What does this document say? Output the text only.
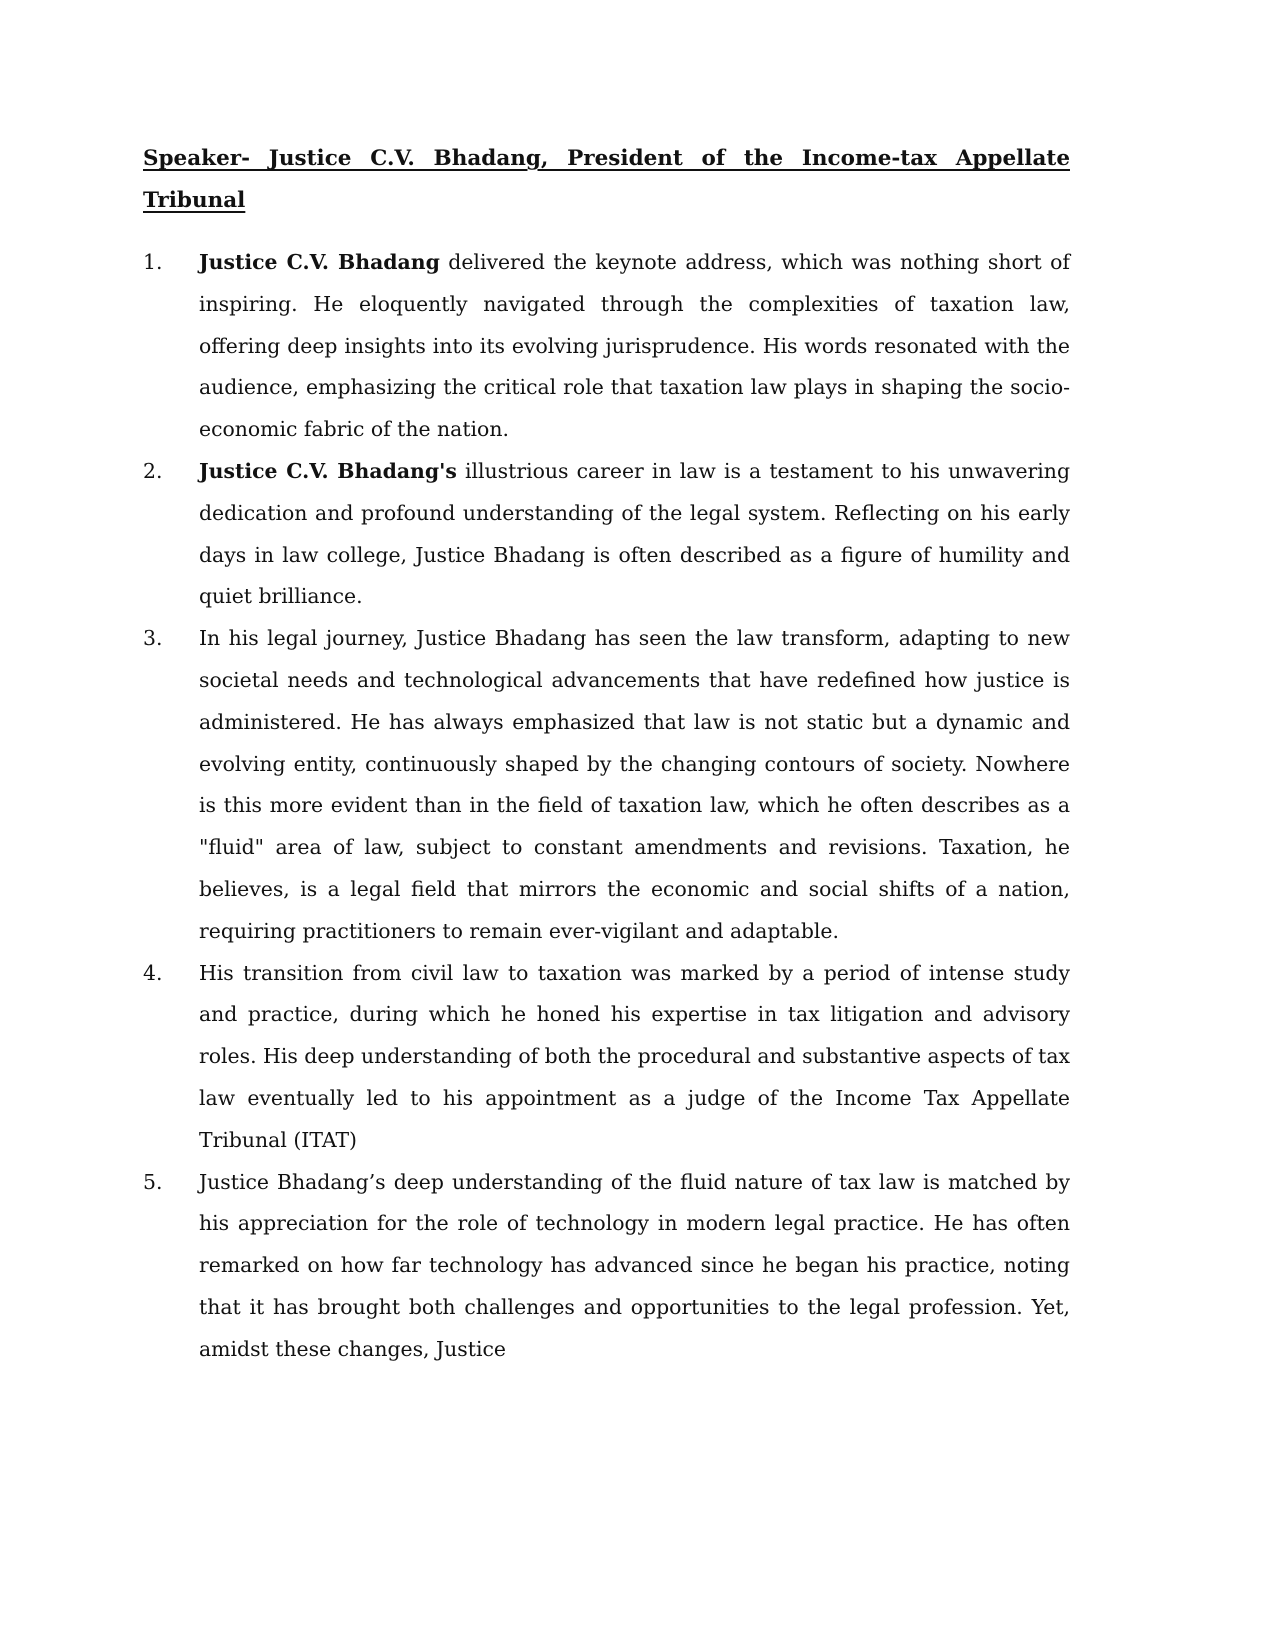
Speaker- Justice C.V. Bhadang, President of the Income-tax Appellate Tribunal

1.	Justice C.V. Bhadang delivered the keynote address, which was nothing short of inspiring. He eloquently navigated through the complexities of taxation law, offering deep insights into its evolving jurisprudence. His words resonated with the audience, emphasizing the critical role that taxation law plays in shaping the socio-economic fabric of the nation.
2.	Justice C.V. Bhadang's illustrious career in law is a testament to his unwavering dedication and profound understanding of the legal system. Reflecting on his early days in law college, Justice Bhadang is often described as a figure of humility and quiet brilliance.
3.	In his legal journey, Justice Bhadang has seen the law transform, adapting to new societal needs and technological advancements that have redefined how justice is administered. He has always emphasized that law is not static but a dynamic and evolving entity, continuously shaped by the changing contours of society. Nowhere is this more evident than in the field of taxation law, which he often describes as a "fluid" area of law, subject to constant amendments and revisions. Taxation, he believes, is a legal field that mirrors the economic and social shifts of a nation, requiring practitioners to remain ever-vigilant and adaptable.
4.	His transition from civil law to taxation was marked by a period of intense study and practice, during which he honed his expertise in tax litigation and advisory roles. His deep understanding of both the procedural and substantive aspects of tax law eventually led to his appointment as a judge of the Income Tax Appellate Tribunal (ITAT)
5.	Justice Bhadang’s deep understanding of the fluid nature of tax law is matched by his appreciation for the role of technology in modern legal practice. He has often remarked on how far technology has advanced since he began his practice, noting that it has brought both challenges and opportunities to the legal profession. Yet, amidst these changes, Justice
